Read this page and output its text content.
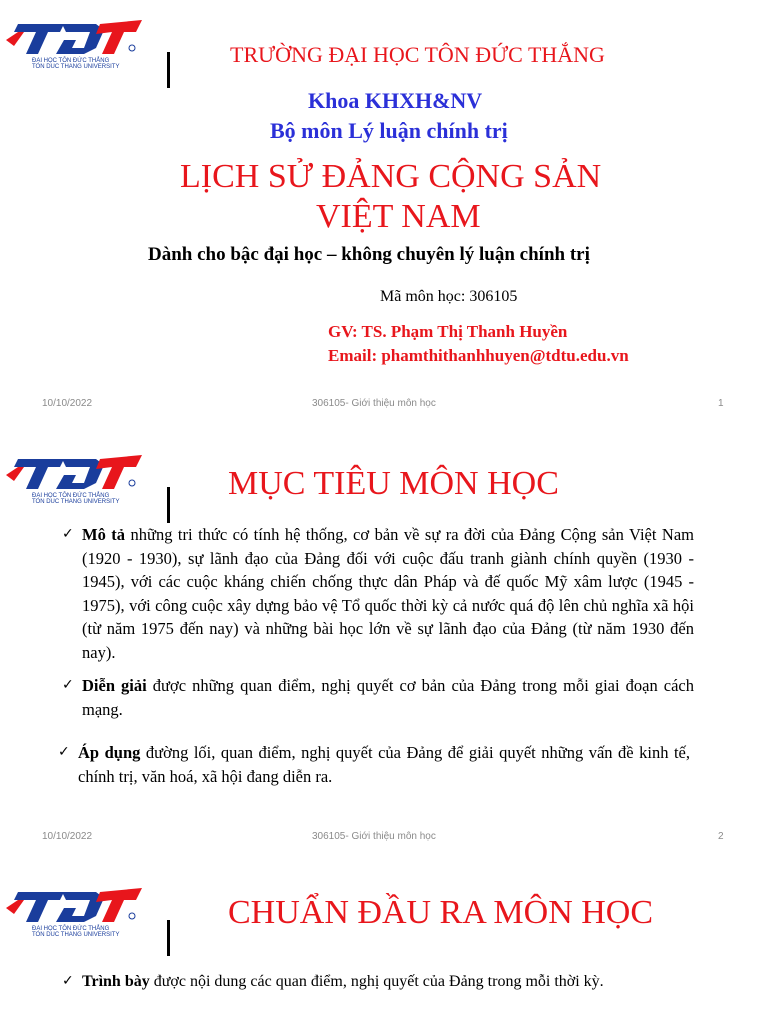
ĐẠI HỌC TÔN ĐỨC THẮNG
TON DUC THANG UNIVERSITY	TRƯỜNG ĐẠI HỌC TÔN ĐỨC THẮNG
Khoa KHXH&NV
Bộ môn Lý luận chính trị
LỊCH SỬ ĐẢNG CỘNG SẢN
VIỆT NAM
Dành cho bậc đại học – không chuyên lý luận chính trị
Mã môn học: 306105
GV: TS. Phạm Thị Thanh Huyền
Email: phamthithanhhuyen@tdtu.edu.vn
10/10/2022	306105- Giới thiệu môn học	1
ĐẠI HỌC TÔN ĐỨC THẮNG
TON DUC THANG UNIVERSITY	MỤC TIÊU MÔN HỌC

✓ Mô tả những tri thức có tính hệ thống, cơ bản về sự ra đời của Đảng Cộng sản Việt Nam (1920 - 1930), sự lãnh đạo của Đảng đối với cuộc đấu tranh giành chính quyền (1930 - 1945), với các cuộc kháng chiến chống thực dân Pháp và đế quốc Mỹ xâm lược (1945 - 1975), với công cuộc xây dựng bảo vệ Tổ quốc thời kỳ cả nước quá độ lên chủ nghĩa xã hội (từ năm 1975 đến nay) và những bài học lớn về sự lãnh đạo của Đảng (từ năm 1930 đến nay).

✓ Diễn giải được những quan điểm, nghị quyết cơ bản của Đảng trong mỗi giai đoạn cách mạng.

✓ Áp dụng đường lối, quan điểm, nghị quyết của Đảng để giải quyết những vấn đề kinh tế, chính trị, văn hoá, xã hội đang diễn ra.

10/10/2022	306105- Giới thiệu môn học	2
ĐẠI HỌC TÔN ĐỨC THẮNG
TON DUC THANG UNIVERSITY
CHUẨN ĐẦU RA MÔN HỌC

✓ Trình bày được nội dung các quan điểm, nghị quyết của Đảng trong mỗi thời kỳ.
